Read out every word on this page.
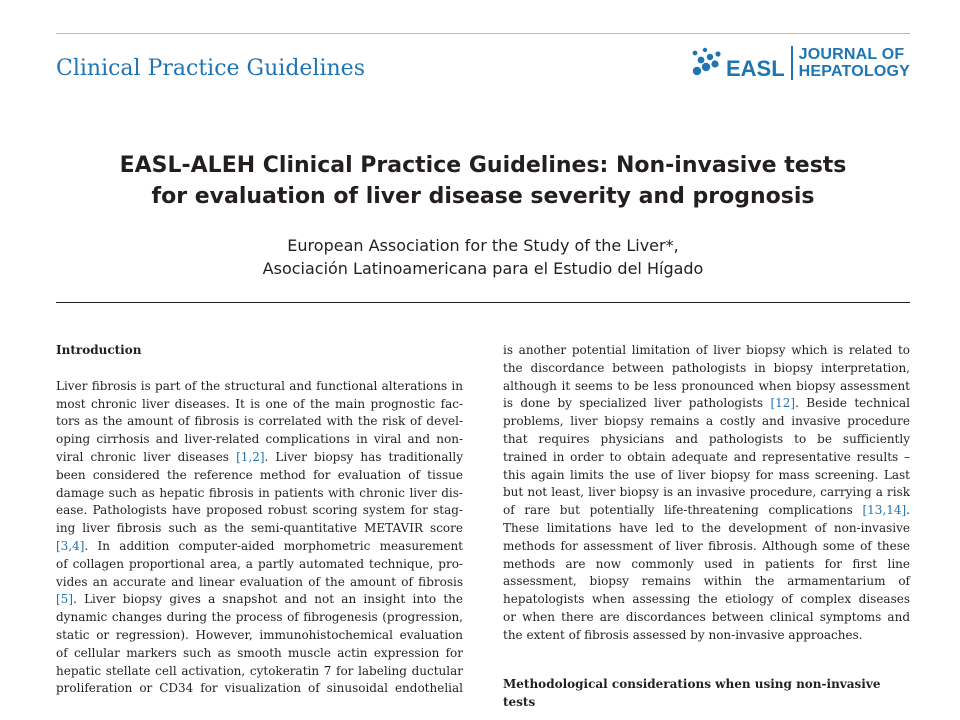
Clinical Practice Guidelines	EASL
JOURNAL OF
HEPATOLOGY
EASL-ALEH Clinical Practice Guidelines: Non-invasive tests
for evaluation of liver disease severity and prognosis
European Association for the Study of the Liver*,
Asociación Latinoamericana para el Estudio del Hígado
Introduction
Liver fibrosis is part of the structural and functional alterations in
most chronic liver diseases. It is one of the main prognostic fac-
tors as the amount of fibrosis is correlated with the risk of devel-
oping cirrhosis and liver-related complications in viral and non-
viral chronic liver diseases [1,2]. Liver biopsy has traditionally
been considered the reference method for evaluation of tissue
damage such as hepatic fibrosis in patients with chronic liver dis-
ease. Pathologists have proposed robust scoring system for stag-
ing liver fibrosis such as the semi-quantitative METAVIR score
[3,4]. In addition computer-aided morphometric measurement
of collagen proportional area, a partly automated technique, pro-
vides an accurate and linear evaluation of the amount of fibrosis
[5]. Liver biopsy gives a snapshot and not an insight into the
dynamic changes during the process of fibrogenesis (progression,
static or regression). However, immunohistochemical evaluation
of cellular markers such as smooth muscle actin expression for
hepatic stellate cell activation, cytokeratin 7 for labeling ductular
proliferation or CD34 for visualization of sinusoidal endothelial
is another potential limitation of liver biopsy which is related to
the discordance between pathologists in biopsy interpretation,
although it seems to be less pronounced when biopsy assessment
is done by specialized liver pathologists [12]. Beside technical
problems, liver biopsy remains a costly and invasive procedure
that requires physicians and pathologists to be sufficiently
trained in order to obtain adequate and representative results –
this again limits the use of liver biopsy for mass screening. Last
but not least, liver biopsy is an invasive procedure, carrying a risk
of rare but potentially life-threatening complications [13,14].
These limitations have led to the development of non-invasive
methods for assessment of liver fibrosis. Although some of these
methods are now commonly used in patients for first line
assessment, biopsy remains within the armamentarium of
hepatologists when assessing the etiology of complex diseases
or when there are discordances between clinical symptoms and
the extent of fibrosis assessed by non-invasive approaches.
Methodological considerations when using non-invasive tests
